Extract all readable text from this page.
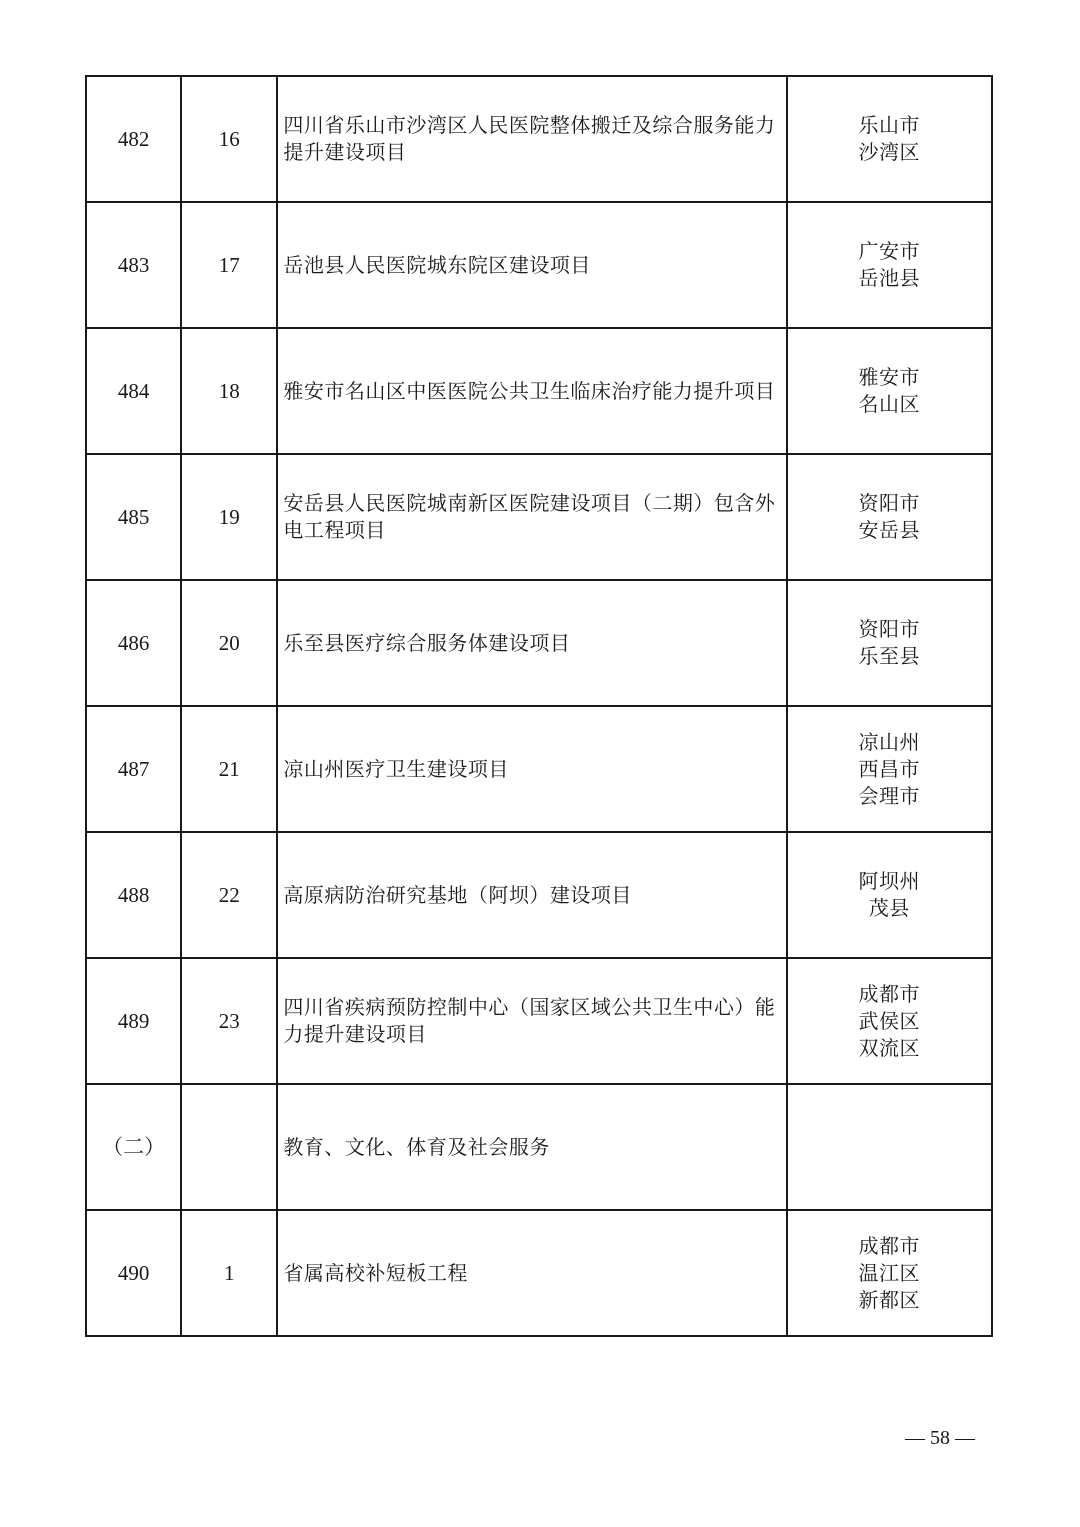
482	16	四川省乐山市沙湾区人民医院整体搬迁及综合服务能力提升建设项目	乐山市
沙湾区

483	17	岳池县人民医院城东院区建设项目	广安市
岳池县

484	18	雅安市名山区中医医院公共卫生临床治疗能力提升项目	雅安市
名山区

485	19	安岳县人民医院城南新区医院建设项目（二期）包含外电工程项目	资阳市
安岳县

486	20	乐至县医疗综合服务体建设项目	资阳市
乐至县

487	21	凉山州医疗卫生建设项目	凉山州
西昌市
会理市

488	22	高原病防治研究基地（阿坝）建设项目	阿坝州
茂县

489	23	四川省疾病预防控制中心（国家区域公共卫生中心）能力提升建设项目	成都市
武侯区
双流区

（二）		教育、文化、体育及社会服务	
490	1	省属高校补短板工程	成都市
温江区
新都区
— 58 —
